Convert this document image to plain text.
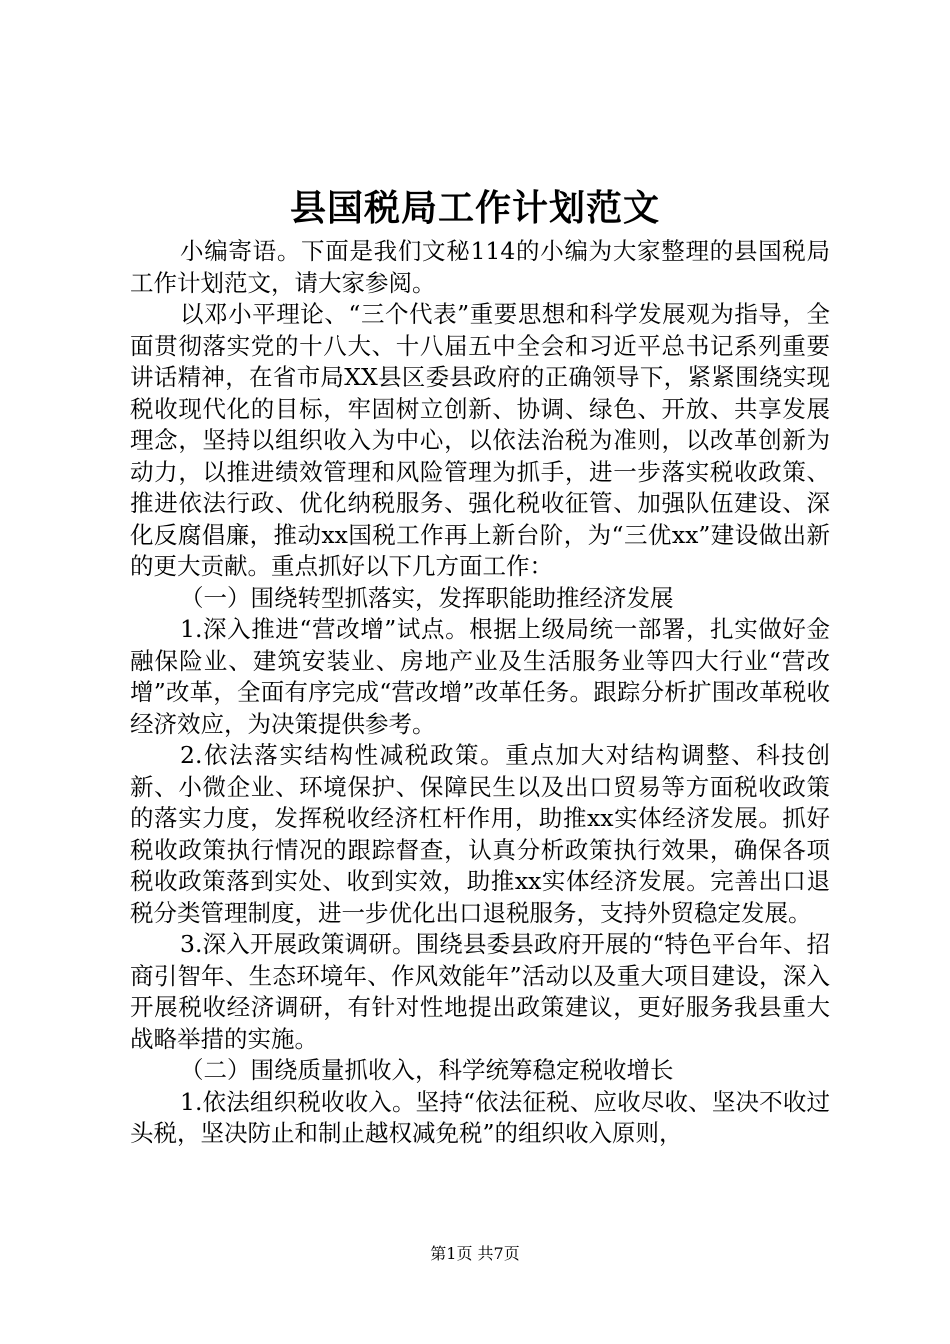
县国税局工作计划范文

小编寄语。下面是我们文秘114的小编为大家整理的县国税局工作计划范文，请大家参阅。

以邓小平理论、“三个代表”重要思想和科学发展观为指导，全面贯彻落实党的十八大、十八届五中全会和习近平总书记系列重要讲话精神，在省市局XX县区委县政府的正确领导下，紧紧围绕实现税收现代化的目标，牢固树立创新、协调、绿色、开放、共享发展理念，坚持以组织收入为中心，以依法治税为准则，以改革创新为动力，以推进绩效管理和风险管理为抓手，进一步落实税收政策、推进依法行政、优化纳税服务、强化税收征管、加强队伍建设、深化反腐倡廉，推动xx国税工作再上新台阶，为“三优xx”建设做出新的更大贡献。重点抓好以下几方面工作：

（一）围绕转型抓落实，发挥职能助推经济发展

1.深入推进“营改增”试点。根据上级局统一部署，扎实做好金融保险业、建筑安装业、房地产业及生活服务业等四大行业“营改增”改革，全面有序完成“营改增”改革任务。跟踪分析扩围改革税收经济效应，为决策提供参考。

2.依法落实结构性减税政策。重点加大对结构调整、科技创新、小微企业、环境保护、保障民生以及出口贸易等方面税收政策的落实力度，发挥税收经济杠杆作用，助推xx实体经济发展。抓好税收政策执行情况的跟踪督查，认真分析政策执行效果，确保各项税收政策落到实处、收到实效，助推xx实体经济发展。完善出口退税分类管理制度，进一步优化出口退税服务，支持外贸稳定发展。

3.深入开展政策调研。围绕县委县政府开展的“特色平台年、招商引智年、生态环境年、作风效能年”活动以及重大项目建设，深入开展税收经济调研，有针对性地提出政策建议，更好服务我县重大战略举措的实施。

（二）围绕质量抓收入，科学统筹稳定税收增长

1.依法组织税收收入。坚持“依法征税、应收尽收、坚决不收过头税，坚决防止和制止越权减免税”的组织收入原则，

第1页 共7页
